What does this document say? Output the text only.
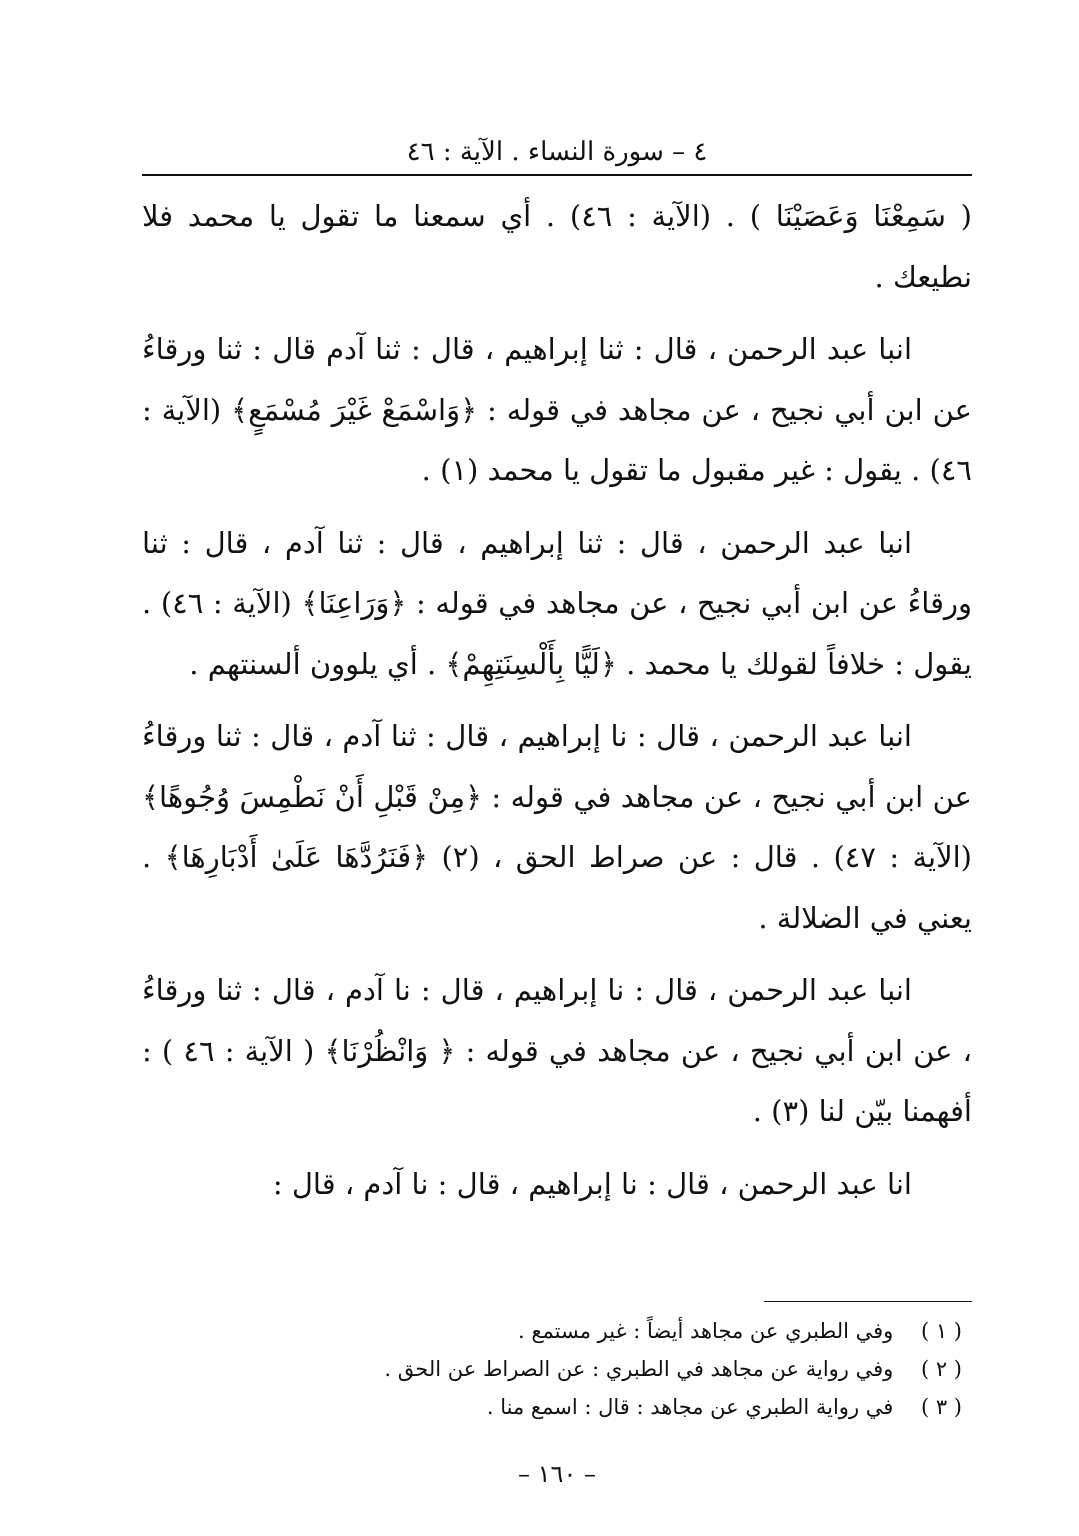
٤ – سورة النساء . الآية : ٤٦

( سَمِعْنَا وَعَصَيْنَا ) . (الآية : ٤٦) . أي سمعنا ما تقول يا محمد فلا نطيعك .

انبا عبد الرحمن ، قال : ثنا إبراهيم ، قال : ثنا آدم قال : ثنا ورقاءُ عن ابن أبي نجيح ، عن مجاهد في قوله : ﴿وَاسْمَعْ غَيْرَ مُسْمَعٍ﴾ (الآية : ٤٦) . يقول : غير مقبول ما تقول يا محمد (١) .

انبا عبد الرحمن ، قال : ثنا إبراهيم ، قال : ثنا آدم ، قال : ثنا ورقاءُ عن ابن أبي نجيح ، عن مجاهد في قوله : ﴿وَرَاعِنَا﴾ (الآية : ٤٦) . يقول : خلافاً لقولك يا محمد . ﴿لَيًّا بِأَلْسِنَتِهِمْ﴾ . أي يلوون ألسنتهم .

انبا عبد الرحمن ، قال : نا إبراهيم ، قال : ثنا آدم ، قال : ثنا ورقاءُ عن ابن أبي نجيح ، عن مجاهد في قوله : ﴿مِنْ قَبْلِ أَنْ نَطْمِسَ وُجُوهًا﴾ (الآية : ٤٧) . قال : عن صراط الحق ، (٢) ﴿فَنَرُدَّهَا عَلَىٰ أَدْبَارِهَا﴾ . يعني في الضلالة .

انبا عبد الرحمن ، قال : نا إبراهيم ، قال : نا آدم ، قال : ثنا ورقاءُ ، عن ابن أبي نجيح ، عن مجاهد في قوله : ﴿ وَانْظُرْنَا﴾ ( الآية : ٤٦ ) : أفهمنا بيّن لنا (٣) .

انا عبد الرحمن ، قال : نا إبراهيم ، قال : نا آدم ، قال :

( ١ ) وفي الطبري عن مجاهد أيضاً : غير مستمع .

( ٢ ) وفي رواية عن مجاهد في الطبري : عن الصراط عن الحق .

( ٣ ) في رواية الطبري عن مجاهد : قال : اسمع منا .

– ١٦٠ –
